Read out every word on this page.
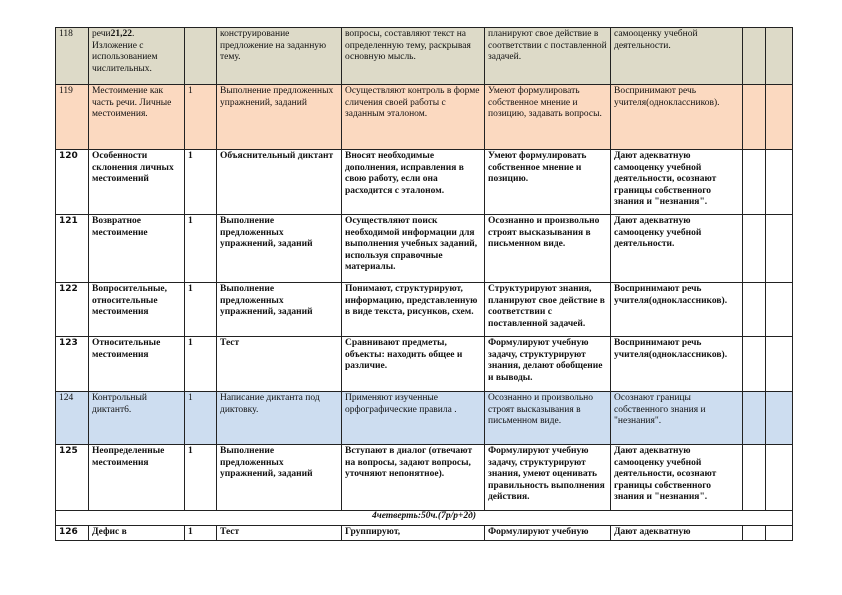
118	речи21,22. Изложение с использованием числительных.		конструирование предложение на заданную тему.	вопросы, составляют текст на определенную тему, раскрывая основную мысль.	планируют свое действие в соответствии с поставленной задачей.	самооценку учебной деятельности.		
119	Местоимение как часть речи. Личные местоимения.	1	Выполнение предложенных упражнений, заданий	Осуществляют контроль в форме сличения своей работы с заданным эталоном.	Умеют формулировать собственное мнение и позицию, задавать вопросы.	Воспринимают речь учителя(одноклассников).		
120	Особенности склонения личных местоимений	1	Объяснительный диктант	Вносят необходимые дополнения, исправления в свою работу, если она расходится с эталоном.	Умеют формулировать собственное мнение и позицию.	Дают адекватную самооценку учебной деятельности, осознают границы собственного знания и "незнания".		
121	Возвратное местоимение	1	Выполнение предложенных упражнений, заданий	Осуществляют поиск необходимой информации для выполнения учебных заданий, используя справочные материалы.	Осознанно и произвольно строят высказывания в письменном виде.	Дают адекватную самооценку учебной деятельности.		
122	Вопросительные, относительные местоимения	1	Выполнение предложенных упражнений, заданий	Понимают, структурируют, информацию, представленную в виде текста, рисунков, схем.	Структурируют знания, планируют свое действие в соответствии с поставленной задачей.	Воспринимают речь учителя(одноклассников).		
123	Относительные местоимения	1	Тест	Сравнивают предметы, объекты: находить общее и различие.	Формулируют учебную задачу, структурируют знания, делают обобщение и выводы.	Воспринимают речь учителя(одноклассников).		
124	Контрольный диктант6.	1	Написание диктанта под диктовку.	Применяют изученные орфографические правила .	Осознанно и произвольно строят высказывания в письменном виде.	Осознают границы собственного знания и "незнания".		
125	Неопределенные местоимения	1	Выполнение предложенных упражнений, заданий	Вступают в диалог (отвечают на вопросы, задают вопросы, уточняют непонятное).	Формулируют учебную задачу, структурируют знания, умеют оценивать правильность выполнения действия.	Дают адекватную самооценку учебной деятельности, осознают границы собственного знания и "незнания".		
4четверть:50ч.(7р/р+2д)								
126	Дефис в	1	Тест	Группируют,	Формулируют учебную	Дают адекватную		
